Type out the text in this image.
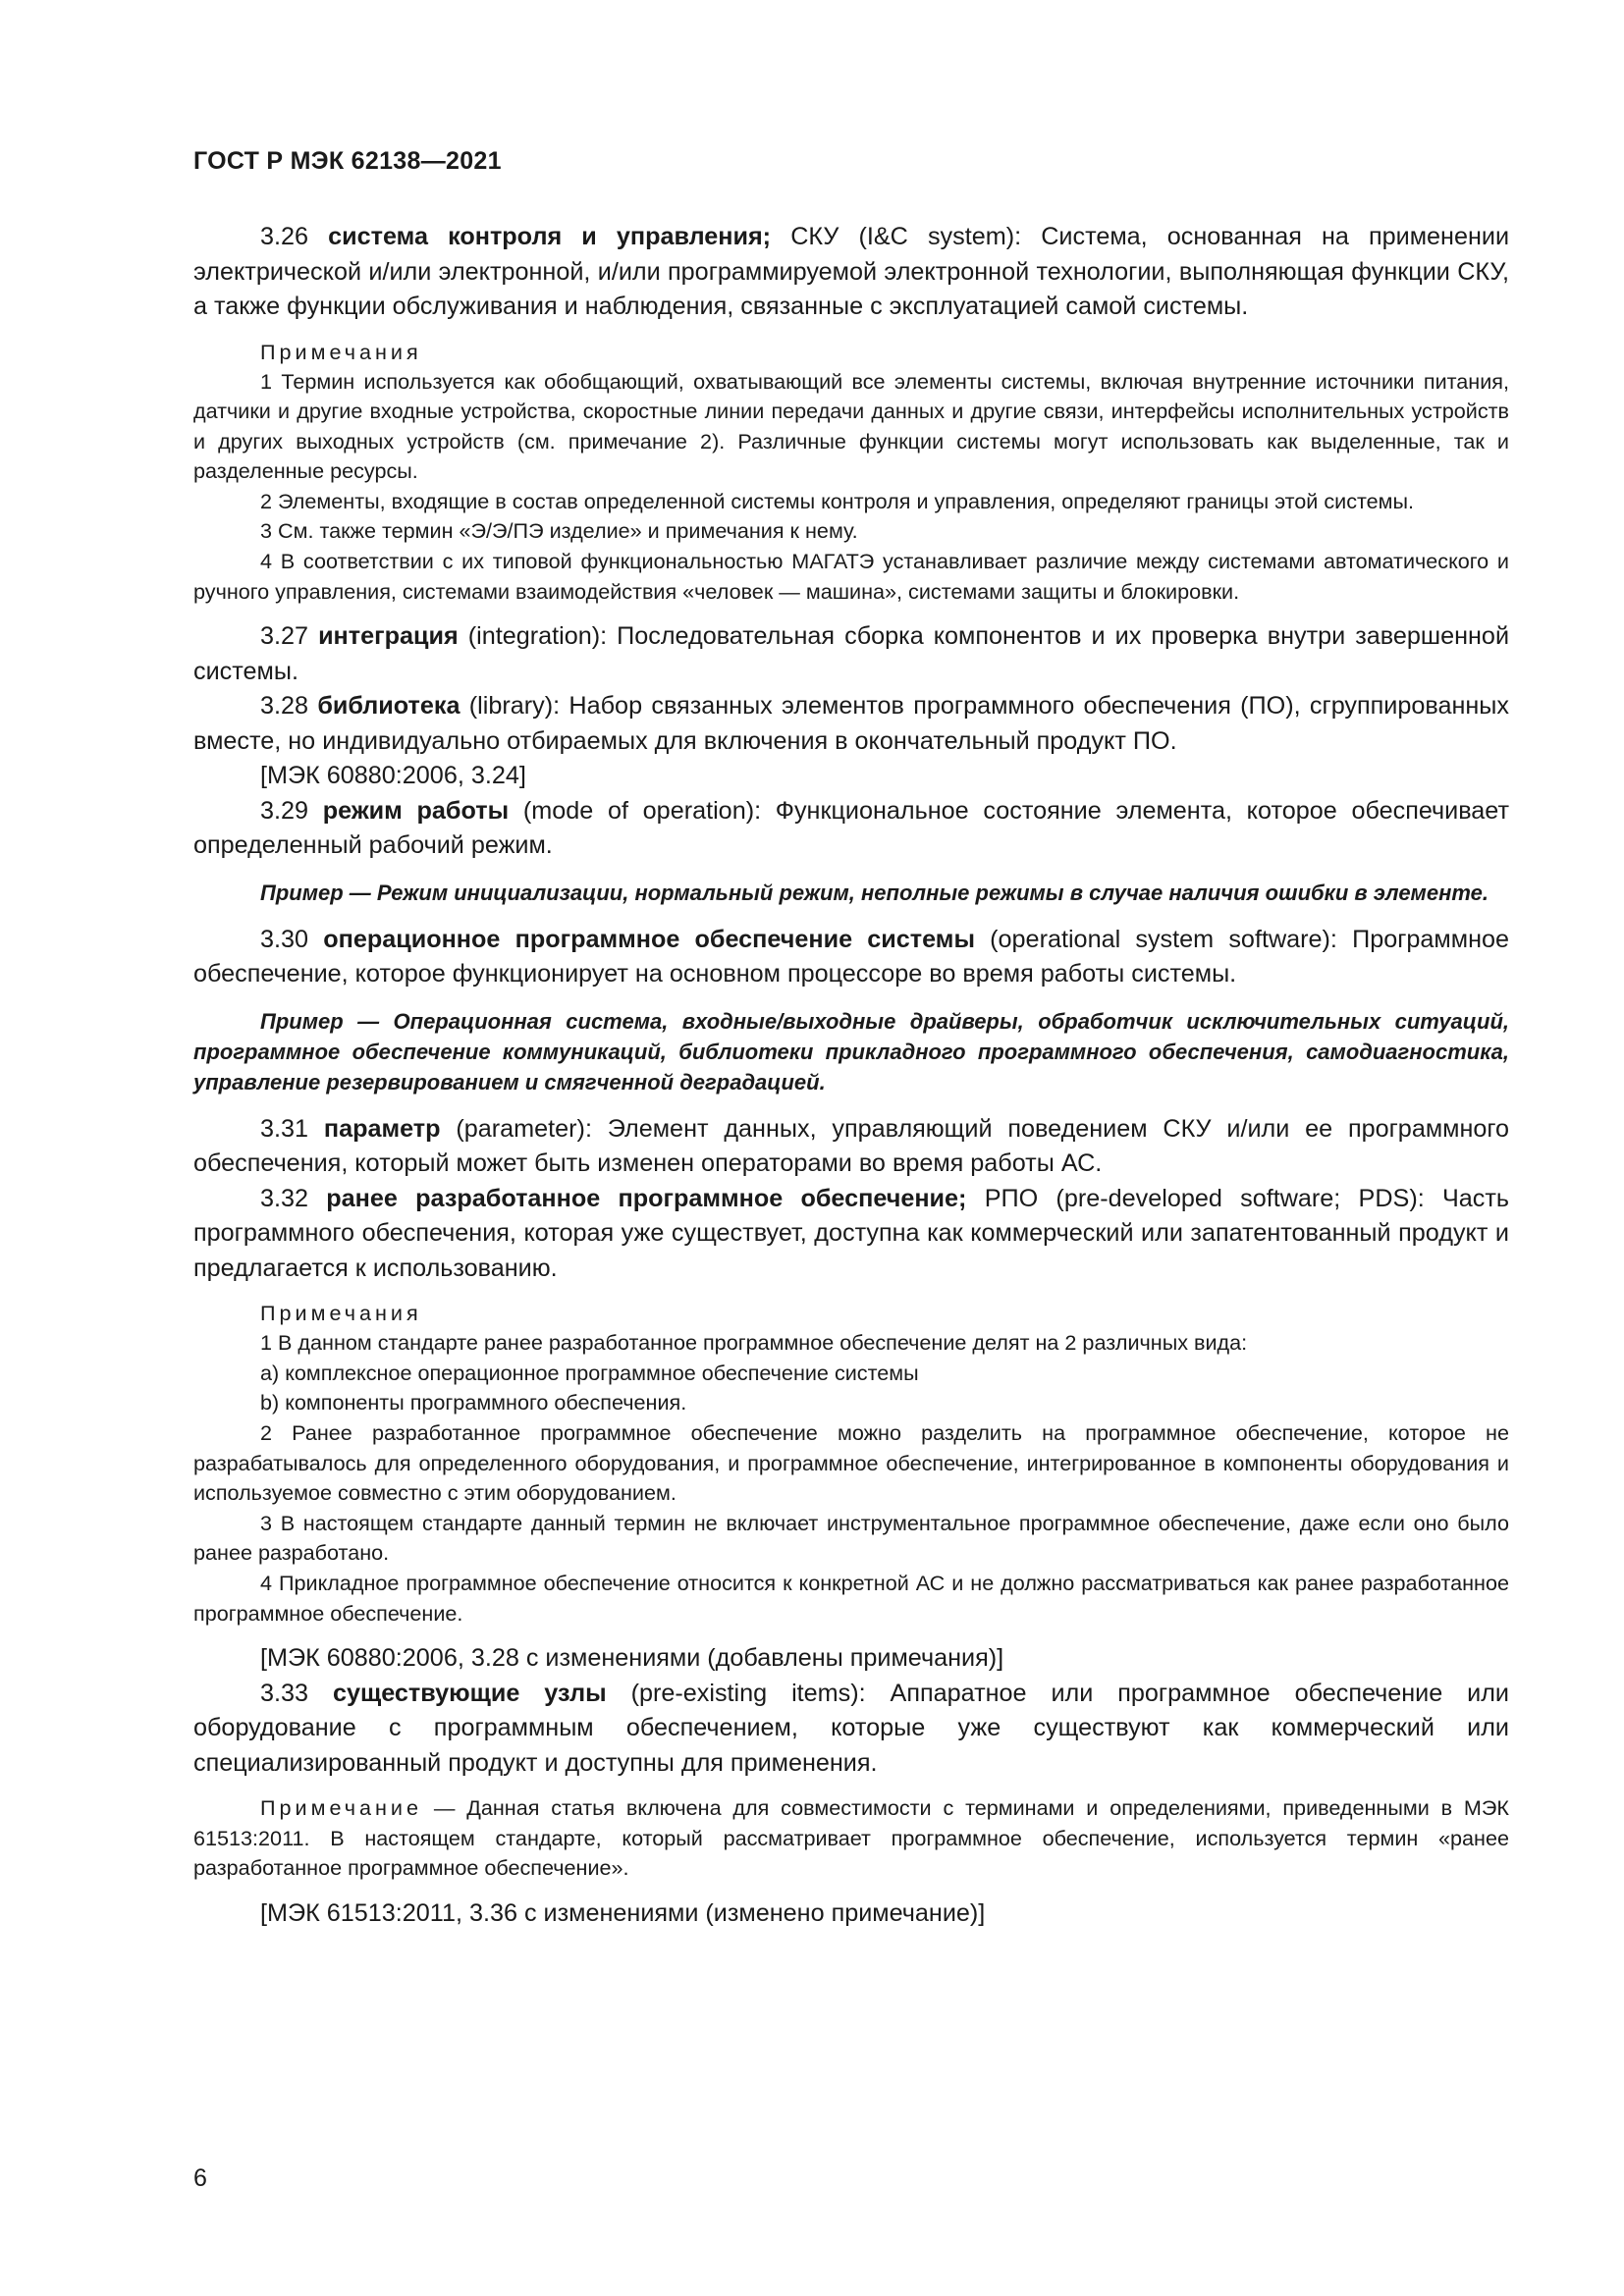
ГОСТ Р МЭК 62138—2021

3.26 система контроля и управления; СКУ (I&C system): Система, основанная на применении электрической и/или электронной, и/или программируемой электронной технологии, выполняющая функции СКУ, а также функции обслуживания и наблюдения, связанные с эксплуатацией самой системы.

Примечания

1 Термин используется как обобщающий, охватывающий все элементы системы, включая внутренние источники питания, датчики и другие входные устройства, скоростные линии передачи данных и другие связи, интерфейсы исполнительных устройств и других выходных устройств (см. примечание 2). Различные функции системы могут использовать как выделенные, так и разделенные ресурсы.

2 Элементы, входящие в состав определенной системы контроля и управления, определяют границы этой системы.

3 См. также термин «Э/Э/ПЭ изделие» и примечания к нему.

4 В соответствии с их типовой функциональностью МАГАТЭ устанавливает различие между системами автоматического и ручного управления, системами взаимодействия «человек — машина», системами защиты и блокировки.

3.27 интеграция (integration): Последовательная сборка компонентов и их проверка внутри завершенной системы.

3.28 библиотека (library): Набор связанных элементов программного обеспечения (ПО), сгруппированных вместе, но индивидуально отбираемых для включения в окончательный продукт ПО.

[МЭК 60880:2006, 3.24]

3.29 режим работы (mode of operation): Функциональное состояние элемента, которое обеспечивает определенный рабочий режим.

Пример — Режим инициализации, нормальный режим, неполные режимы в случае наличия ошибки в элементе.

3.30 операционное программное обеспечение системы (operational system software): Программное обеспечение, которое функционирует на основном процессоре во время работы системы.

Пример — Операционная система, входные/выходные драйверы, обработчик исключительных ситуаций, программное обеспечение коммуникаций, библиотеки прикладного программного обеспечения, самодиагностика, управление резервированием и смягченной деградацией.

3.31 параметр (parameter): Элемент данных, управляющий поведением СКУ и/или ее программного обеспечения, который может быть изменен операторами во время работы АС.

3.32 ранее разработанное программное обеспечение; РПО (pre-developed software; PDS): Часть программного обеспечения, которая уже существует, доступна как коммерческий или запатентованный продукт и предлагается к использованию.

Примечания

1 В данном стандарте ранее разработанное программное обеспечение делят на 2 различных вида:

a) комплексное операционное программное обеспечение системы

b) компоненты программного обеспечения.

2 Ранее разработанное программное обеспечение можно разделить на программное обеспечение, которое не разрабатывалось для определенного оборудования, и программное обеспечение, интегрированное в компоненты оборудования и используемое совместно с этим оборудованием.

3 В настоящем стандарте данный термин не включает инструментальное программное обеспечение, даже если оно было ранее разработано.

4 Прикладное программное обеспечение относится к конкретной АС и не должно рассматриваться как ранее разработанное программное обеспечение.

[МЭК 60880:2006, 3.28 с изменениями (добавлены примечания)]

3.33 существующие узлы (pre-existing items): Аппаратное или программное обеспечение или оборудование с программным обеспечением, которые уже существуют как коммерческий или специализированный продукт и доступны для применения.

Примечание — Данная статья включена для совместимости с терминами и определениями, приведенными в МЭК 61513:2011. В настоящем стандарте, который рассматривает программное обеспечение, используется термин «ранее разработанное программное обеспечение».

[МЭК 61513:2011, 3.36 с изменениями (изменено примечание)]

6
